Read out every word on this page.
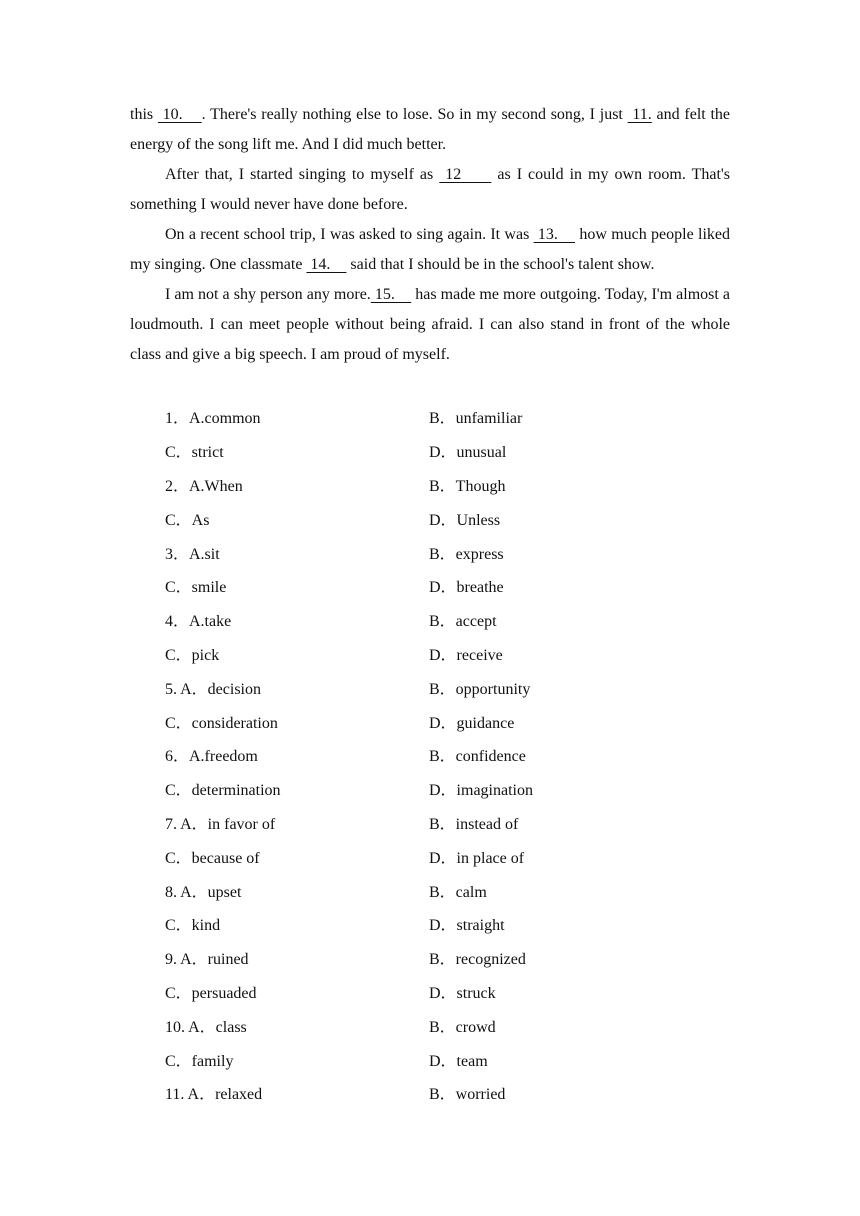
this  10.    . There's really nothing else to lose. So in my second song, I just  11. and felt the energy of the song lift me. And I did much better.

After that, I started singing to myself as  12      as I could in my own room. That's something I would never have done before.

On a recent school trip, I was asked to sing again. It was  13.     how much people liked my singing. One classmate  14.     said that I should be in the school's talent show.

I am not a shy person any more. 15.     has made me more outgoing. Today, I'm almost a loudmouth. I can meet people without being afraid. I can also stand in front of the whole class and give a big speech. I am proud of myself.

1．A.common	B．unfamiliar
C．strict	D．unusual
2．A.When	B．Though
C．As	D．Unless
3．A.sit	B．express
C．smile	D．breathe
4．A.take	B．accept
C．pick	D．receive
5. A．decision	B．opportunity
C．consideration	D．guidance
6．A.freedom	B．confidence
C．determination	D．imagination
7. A．in favor of	B．instead of
C．because of	D．in place of
8. A．upset	B．calm
C．kind	D．straight
9. A．ruined	B．recognized
C．persuaded	D．struck
10. A．class	B．crowd
C．family	D．team
11. A．relaxed	B．worried
